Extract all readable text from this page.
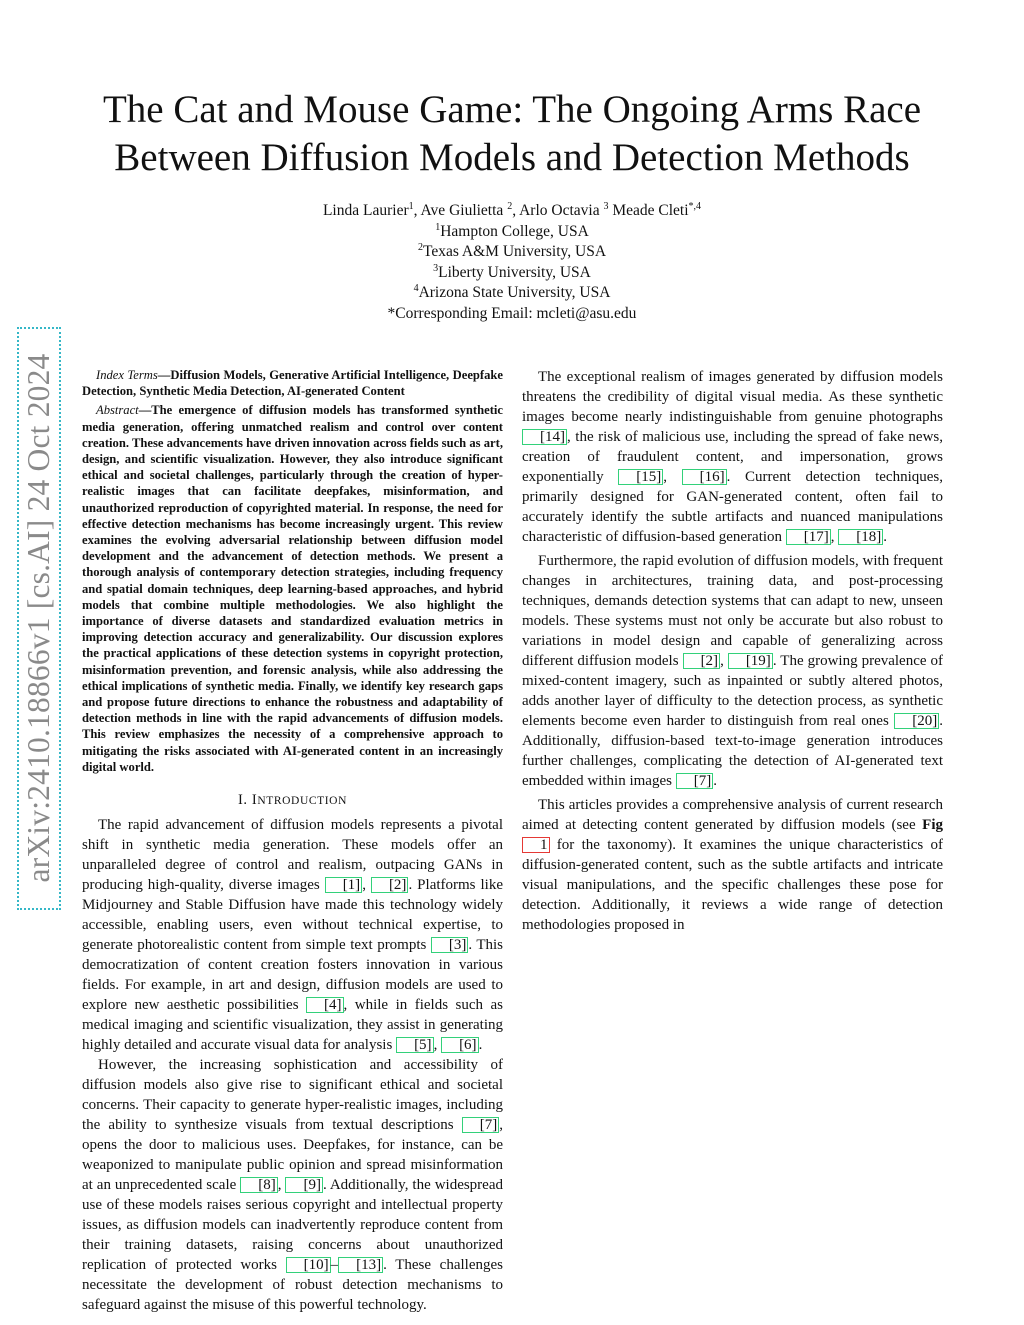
The Cat and Mouse Game: The Ongoing Arms Race
Between Diffusion Models and Detection Methods
Linda Laurier$^1$, Ave Giulietta $^2$, Arlo Octavia $^3$ Meade Cleti$^{*,4}$
$^1$Hampton College, USA
$^2$Texas A&M University, USA
$^3$Liberty University, USA
$^4$Arizona State University, USA
*Corresponding Email: mcleti@asu.edu
arXiv:2410.18866v1 [cs.AI] 24 Oct 2024	Index Terms—Diffusion Models, Generative Artificial Intelligence, Deepfake Detection, Synthetic Media Detection, AI-generated Content

Abstract—The emergence of diffusion models has transformed synthetic media generation, offering unmatched realism and control over content creation. These advancements have driven innovation across fields such as art, design, and scientific visualization. However, they also introduce significant ethical and societal challenges, particularly through the creation of hyper-realistic images that can facilitate deepfakes, misinformation, and unauthorized reproduction of copyrighted material. In response, the need for effective detection mechanisms has become increasingly urgent. This review examines the evolving adversarial relationship between diffusion model development and the advancement of detection methods. We present a thorough analysis of contemporary detection strategies, including frequency and spatial domain techniques, deep learning-based approaches, and hybrid models that combine multiple methodologies. We also highlight the importance of diverse datasets and standardized evaluation metrics in improving detection accuracy and generalizability. Our discussion explores the practical applications of these detection systems in copyright protection, misinformation prevention, and forensic analysis, while also addressing the ethical implications of synthetic media. Finally, we identify key research gaps and propose future directions to enhance the robustness and adaptability of detection methods in line with the rapid advancements of diffusion models. This review emphasizes the necessity of a comprehensive approach to mitigating the risks associated with AI-generated content in an increasingly digital world.

I. INTRODUCTION

The rapid advancement of diffusion models represents a pivotal shift in synthetic media generation. These models offer an unparalleled degree of control and realism, outpacing GANs in producing high-quality, diverse images [1] , [2] . Platforms like Midjourney and Stable Diffusion have made this technology widely accessible, enabling users, even without technical expertise, to generate photorealistic content from simple text prompts [3] . This democratization of content creation fosters innovation in various fields. For example, in art and design, diffusion models are used to explore new aesthetic possibilities [4] , while in fields such as medical imaging and scientific visualization, they assist in generating highly detailed and accurate visual data for analysis [5] , [6] .

However, the increasing sophistication and accessibility of diffusion models also give rise to significant ethical and societal concerns. Their capacity to generate hyper-realistic images, including the ability to synthesize visuals from textual descriptions [7] , opens the door to malicious uses. Deepfakes, for instance, can be weaponized to manipulate public opinion and spread misinformation at an unprecedented scale [8] , [9] . Additionally, the widespread use of these models raises serious copyright and intellectual property issues, as diffusion models can inadvertently reproduce content from their training datasets, raising concerns about unauthorized replication of protected works [10] – [13] . These challenges necessitate the development of robust detection mechanisms to safeguard against the misuse of this powerful technology.

The exceptional realism of images generated by diffusion models threatens the credibility of digital visual media. As these synthetic images become nearly indistinguishable from genuine photographs [14] , the risk of malicious use, including the spread of fake news, creation of fraudulent content, and impersonation, grows exponentially [15] , [16] . Current detection techniques, primarily designed for GAN-generated content, often fail to accurately identify the subtle artifacts and nuanced manipulations characteristic of diffusion-based generation [17] , [18] .

Furthermore, the rapid evolution of diffusion models, with frequent changes in architectures, training data, and post-processing techniques, demands detection systems that can adapt to new, unseen models. These systems must not only be accurate but also robust to variations in model design and capable of generalizing across different diffusion models [2] , [19] . The growing prevalence of mixed-content imagery, such as inpainted or subtly altered photos, adds another layer of difficulty to the detection process, as synthetic elements become even harder to distinguish from real ones [20] . Additionally, diffusion-based text-to-image generation introduces further challenges, complicating the detection of AI-generated text embedded within images [7] .

This articles provides a comprehensive analysis of current research aimed at detecting content generated by diffusion models (see Fig 1 for the taxonomy). It examines the unique characteristics of diffusion-generated content, such as the subtle artifacts and intricate visual manipulations, and the specific challenges these pose for detection. Additionally, it reviews a wide range of detection methodologies proposed in
